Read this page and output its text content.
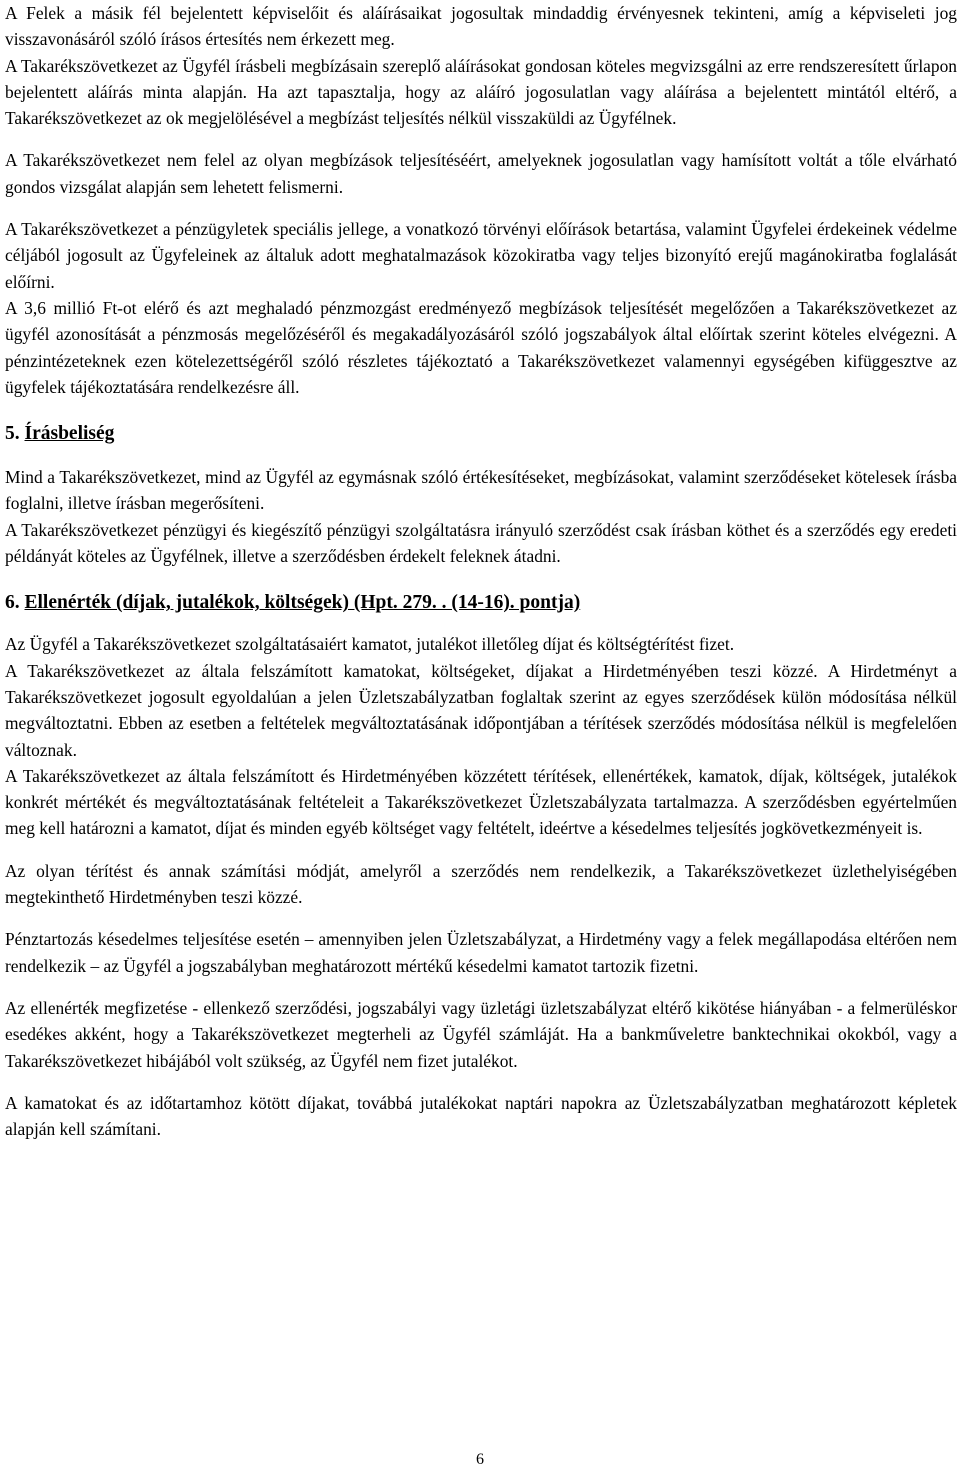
A Felek a másik fél bejelentett képviselőit és aláírásaikat jogosultak mindaddig érvényesnek tekinteni, amíg a képviseleti jog visszavonásáról szóló írásos értesítés nem érkezett meg.

A Takarékszövetkezet az Ügyfél írásbeli megbízásain szereplő aláírásokat gondosan köteles megvizsgálni az erre rendszeresített űrlapon bejelentett aláírás minta alapján. Ha azt tapasztalja, hogy az aláíró jogosulatlan vagy aláírása a bejelentett mintától eltérő, a Takarékszövetkezet az ok megjelölésével a megbízást teljesítés nélkül visszaküldi az Ügyfélnek.

A Takarékszövetkezet nem felel az olyan megbízások teljesítéséért, amelyeknek jogosulatlan vagy hamísított voltát a tőle elvárható gondos vizsgálat alapján sem lehetett felismerni.

A Takarékszövetkezet a pénzügyletek speciális jellege, a vonatkozó törvényi előírások betartása, valamint Ügyfelei érdekeinek védelme céljából jogosult az Ügyfeleinek az általuk adott meghatalmazások közokiratba vagy teljes bizonyító erejű magánokiratba foglalását előírni.

A 3,6 millió Ft-ot elérő és azt meghaladó pénzmozgást eredményező megbízások teljesítését megelőzően a Takarékszövetkezet az ügyfél azonosítását a pénzmosás megelőzéséről és megakadályozásáról szóló jogszabályok által előírtak szerint köteles elvégezni. A pénzintézeteknek ezen kötelezettségéről szóló részletes tájékoztató a Takarékszövetkezet valamennyi egységében kifüggesztve az ügyfelek tájékoztatására rendelkezésre áll.

5. Írásbeliség

Mind a Takarékszövetkezet, mind az Ügyfél az egymásnak szóló értékesítéseket, megbízásokat, valamint szerződéseket kötelesek írásba foglalni, illetve írásban megerősíteni.

A Takarékszövetkezet pénzügyi és kiegészítő pénzügyi szolgáltatásra irányuló szerződést csak írásban köthet és a szerződés egy eredeti példányát köteles az Ügyfélnek, illetve a szerződésben érdekelt feleknek átadni.

6. Ellenérték (díjak, jutalékok, költségek) (Hpt. 279. . (14-16). pontja)

Az Ügyfél a Takarékszövetkezet szolgáltatásaiért kamatot, jutalékot illetőleg díjat és költségtérítést fizet.

A Takarékszövetkezet az általa felszámított kamatokat, költségeket, díjakat a Hirdetményében teszi közzé. A Hirdetményt a Takarékszövetkezet jogosult egyoldalúan a jelen Üzletszabályzatban foglaltak szerint az egyes szerződések külön módosítása nélkül megváltoztatni. Ebben az esetben a feltételek megváltoztatásának időpontjában a térítések szerződés módosítása nélkül is megfelelően változnak.

A Takarékszövetkezet az általa felszámított és Hirdetményében közzétett térítések, ellenértékek, kamatok, díjak, költségek, jutalékok konkrét mértékét és megváltoztatásának feltételeit a Takarékszövetkezet Üzletszabályzata tartalmazza. A szerződésben egyértelműen meg kell határozni a kamatot, díjat és minden egyéb költséget vagy feltételt, ideértve a késedelmes teljesítés jogkövetkezményeit is.

Az olyan térítést és annak számítási módját, amelyről a szerződés nem rendelkezik, a Takarékszövetkezet üzlethelyiségében megtekinthető Hirdetményben teszi közzé.

Pénztartozás késedelmes teljesítése esetén – amennyiben jelen Üzletszabályzat, a Hirdetmény vagy a felek megállapodása eltérően nem rendelkezik – az Ügyfél a jogszabályban meghatározott mértékű késedelmi kamatot tartozik fizetni.

Az ellenérték megfizetése - ellenkező szerződési, jogszabályi vagy üzletági üzletszabályzat eltérő kikötése hiányában - a felmerüléskor esedékes akként, hogy a Takarékszövetkezet megterheli az Ügyfél számláját. Ha a bankműveletre banktechnikai okokból, vagy a Takarékszövetkezet hibájából volt szükség, az Ügyfél nem fizet jutalékot.

A kamatokat és az időtartamhoz kötött díjakat, továbbá jutalékokat naptári napokra az Üzletszabályzatban meghatározott képletek alapján kell számítani.

6
